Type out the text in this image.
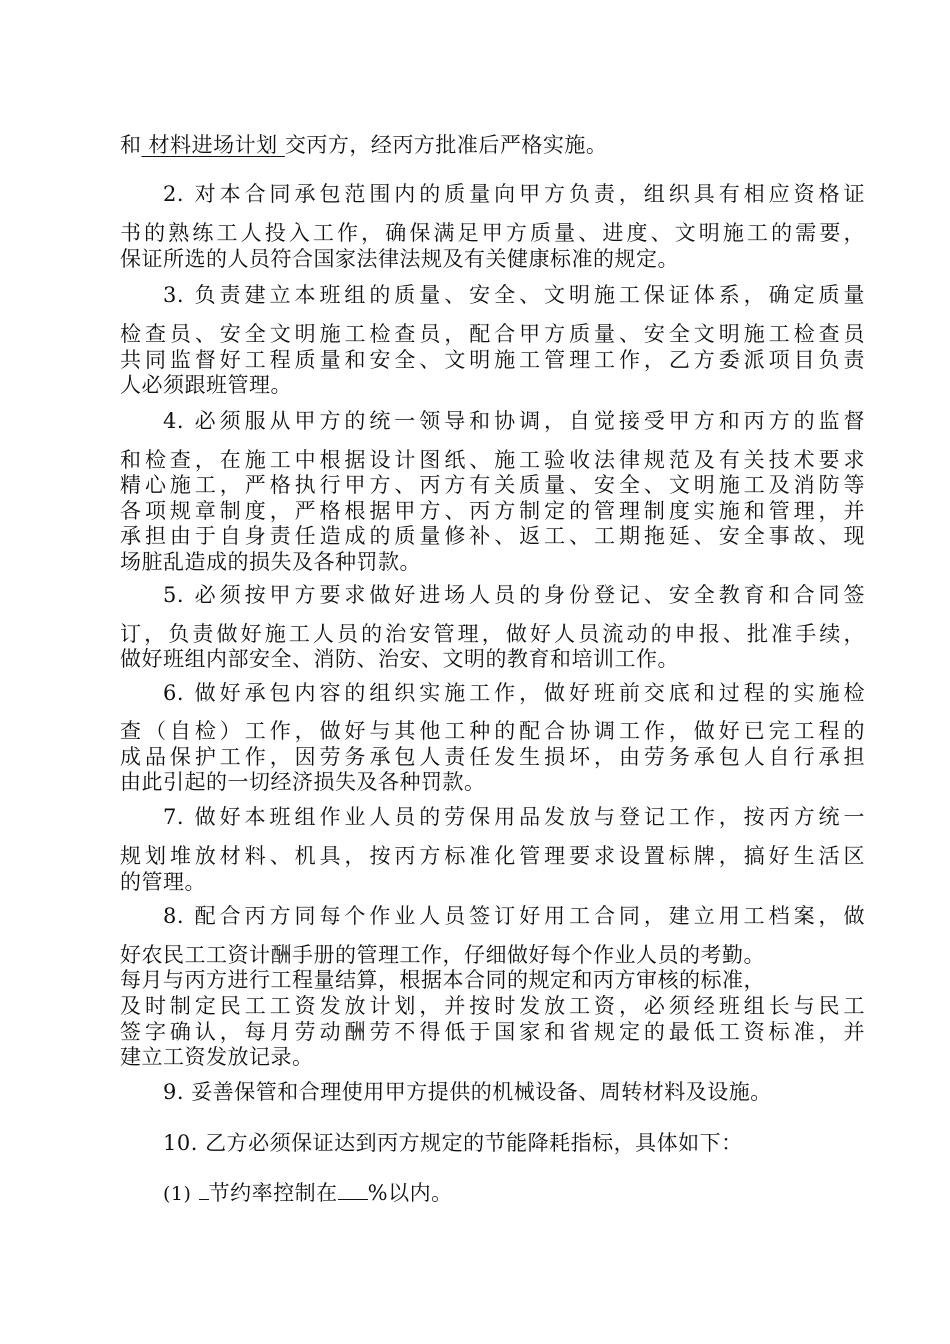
和 材料进场计划 交丙方，经丙方批准后严格实施。
2. 对本合同承包范围内的质量向甲方负责，组织具有相应资格证
书的熟练工人投入工作，确保满足甲方质量、进度、文明施工的需要，
保证所选的人员符合国家法律法规及有关健康标准的规定。
3. 负责建立本班组的质量、安全、文明施工保证体系，确定质量
检查员、安全文明施工检查员，配合甲方质量、安全文明施工检查员
共同监督好工程质量和安全、文明施工管理工作，乙方委派项目负责
人必须跟班管理。
4. 必须服从甲方的统一领导和协调，自觉接受甲方和丙方的监督
和检查，在施工中根据设计图纸、施工验收法律规范及有关技术要求
精心施工，严格执行甲方、丙方有关质量、安全、文明施工及消防等
各项规章制度，严格根据甲方、丙方制定的管理制度实施和管理，并
承担由于自身责任造成的质量修补、返工、工期拖延、安全事故、现
场脏乱造成的损失及各种罚款。
5. 必须按甲方要求做好进场人员的身份登记、安全教育和合同签
订，负责做好施工人员的治安管理，做好人员流动的申报、批准手续，
做好班组内部安全、消防、治安、文明的教育和培训工作。
6. 做好承包内容的组织实施工作，做好班前交底和过程的实施检
查（自检）工作，做好与其他工种的配合协调工作，做好已完工程的
成品保护工作，因劳务承包人责任发生损坏，由劳务承包人自行承担
由此引起的一切经济损失及各种罚款。
7. 做好本班组作业人员的劳保用品发放与登记工作，按丙方统一
规划堆放材料、机具，按丙方标准化管理要求设置标牌，搞好生活区
的管理。
8. 配合丙方同每个作业人员签订好用工合同，建立用工档案，做
好农民工工资计酬手册的管理工作，仔细做好每个作业人员的考勤。
每月与丙方进行工程量结算，根据本合同的规定和丙方审核的标准，
及时制定民工工资发放计划，并按时发放工资，必须经班组长与民工
签字确认，每月劳动酬劳不得低于国家和省规定的最低工资标准，并
建立工资发放记录。
9. 妥善保管和合理使用甲方提供的机械设备、周转材料及设施。
10. 乙方必须保证达到丙方规定的节能降耗指标，具体如下：
(1) 节约率控制在 %以内。
